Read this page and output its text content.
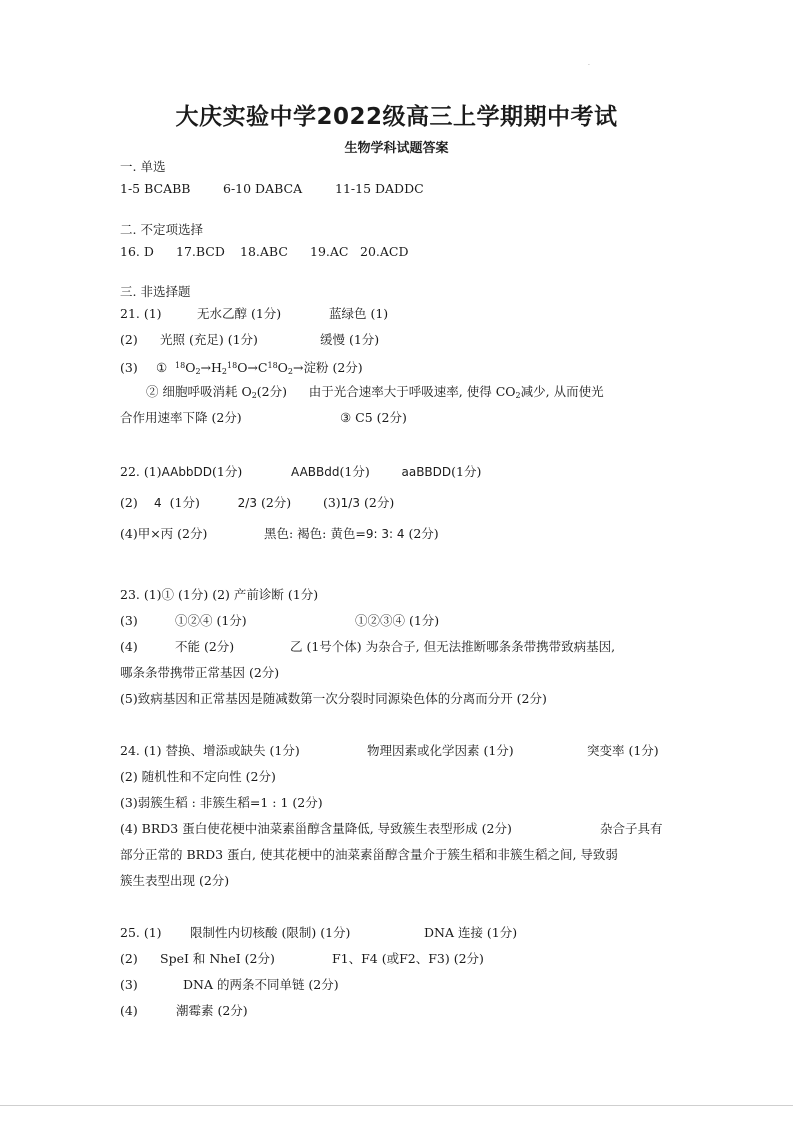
·
大庆实验中学2022级高三上学期期中考试
生物学科试题答案
一. 单选
1-5 BCABB	6-10 DABCA	11-15 DADDC
二. 不定项选择
16. D 17.BCD 18.ABC 19.AC 20.ACD
三. 非选择题
21. (1)	无水乙醇 (1分)	蓝绿色 (1)
(2) 光照 (充足) (1分)	缓慢 (1分)
(3) ① $^{18}O_2\to H_2^{18}O\to C^{18}O_2\to$淀粉 (2分)
② 细胞呼吸消耗 $O_2(2$分) 由于光合速率大于呼吸速率, 使得 $CO_2$减少, 从而使光
合作用速率下降 (2分)	③ C5 (2分)
22. (1)AAbbDD(1分)	AABBdd(1分)	aaBBDD(1分)
(2) 4 (1分)	2/3 (2分)	(3)1/3 (2分)
(4)甲×丙 (2分)	黑色: 褐色: 黄色=9: 3: 4 (2分)
23. (1)① (1分) (2) 产前诊断 (1分)
(3)	①②④ (1分)	①②③④ (1分)
(4)	不能 (2分)	乙 (1号个体) 为杂合子, 但无法推断哪条条带携带致病基因,
哪条条带携带正常基因 (2分)
(5)致病基因和正常基因是随减数第一次分裂时同源染色体的分离而分开 (2分)
24. (1) 替换、增添或缺失 (1分)	物理因素或化学因素 (1分)	突变率 (1分)
(2) 随机性和不定向性 (2分)
(3)弱簇生稻 : 非簇生稻=1 : 1 (2分)
(4) BRD3 蛋白使花梗中油菜素甾醇含量降低, 导致簇生表型形成 (2分)	杂合子具有
部分正常的 BRD3 蛋白, 使其花梗中的油菜素甾醇含量介于簇生稻和非簇生稻之间, 导致弱
簇生表型出现 (2分)
25. (1) 限制性内切核酸 (限制) (1分)	DNA 连接 (1分)
(2) SpeI 和 NheI (2分)	F1、F4 (或F2、F3) (2分)
(3)	DNA 的两条不同单链 (2分)
(4)	潮霉素 (2分)
